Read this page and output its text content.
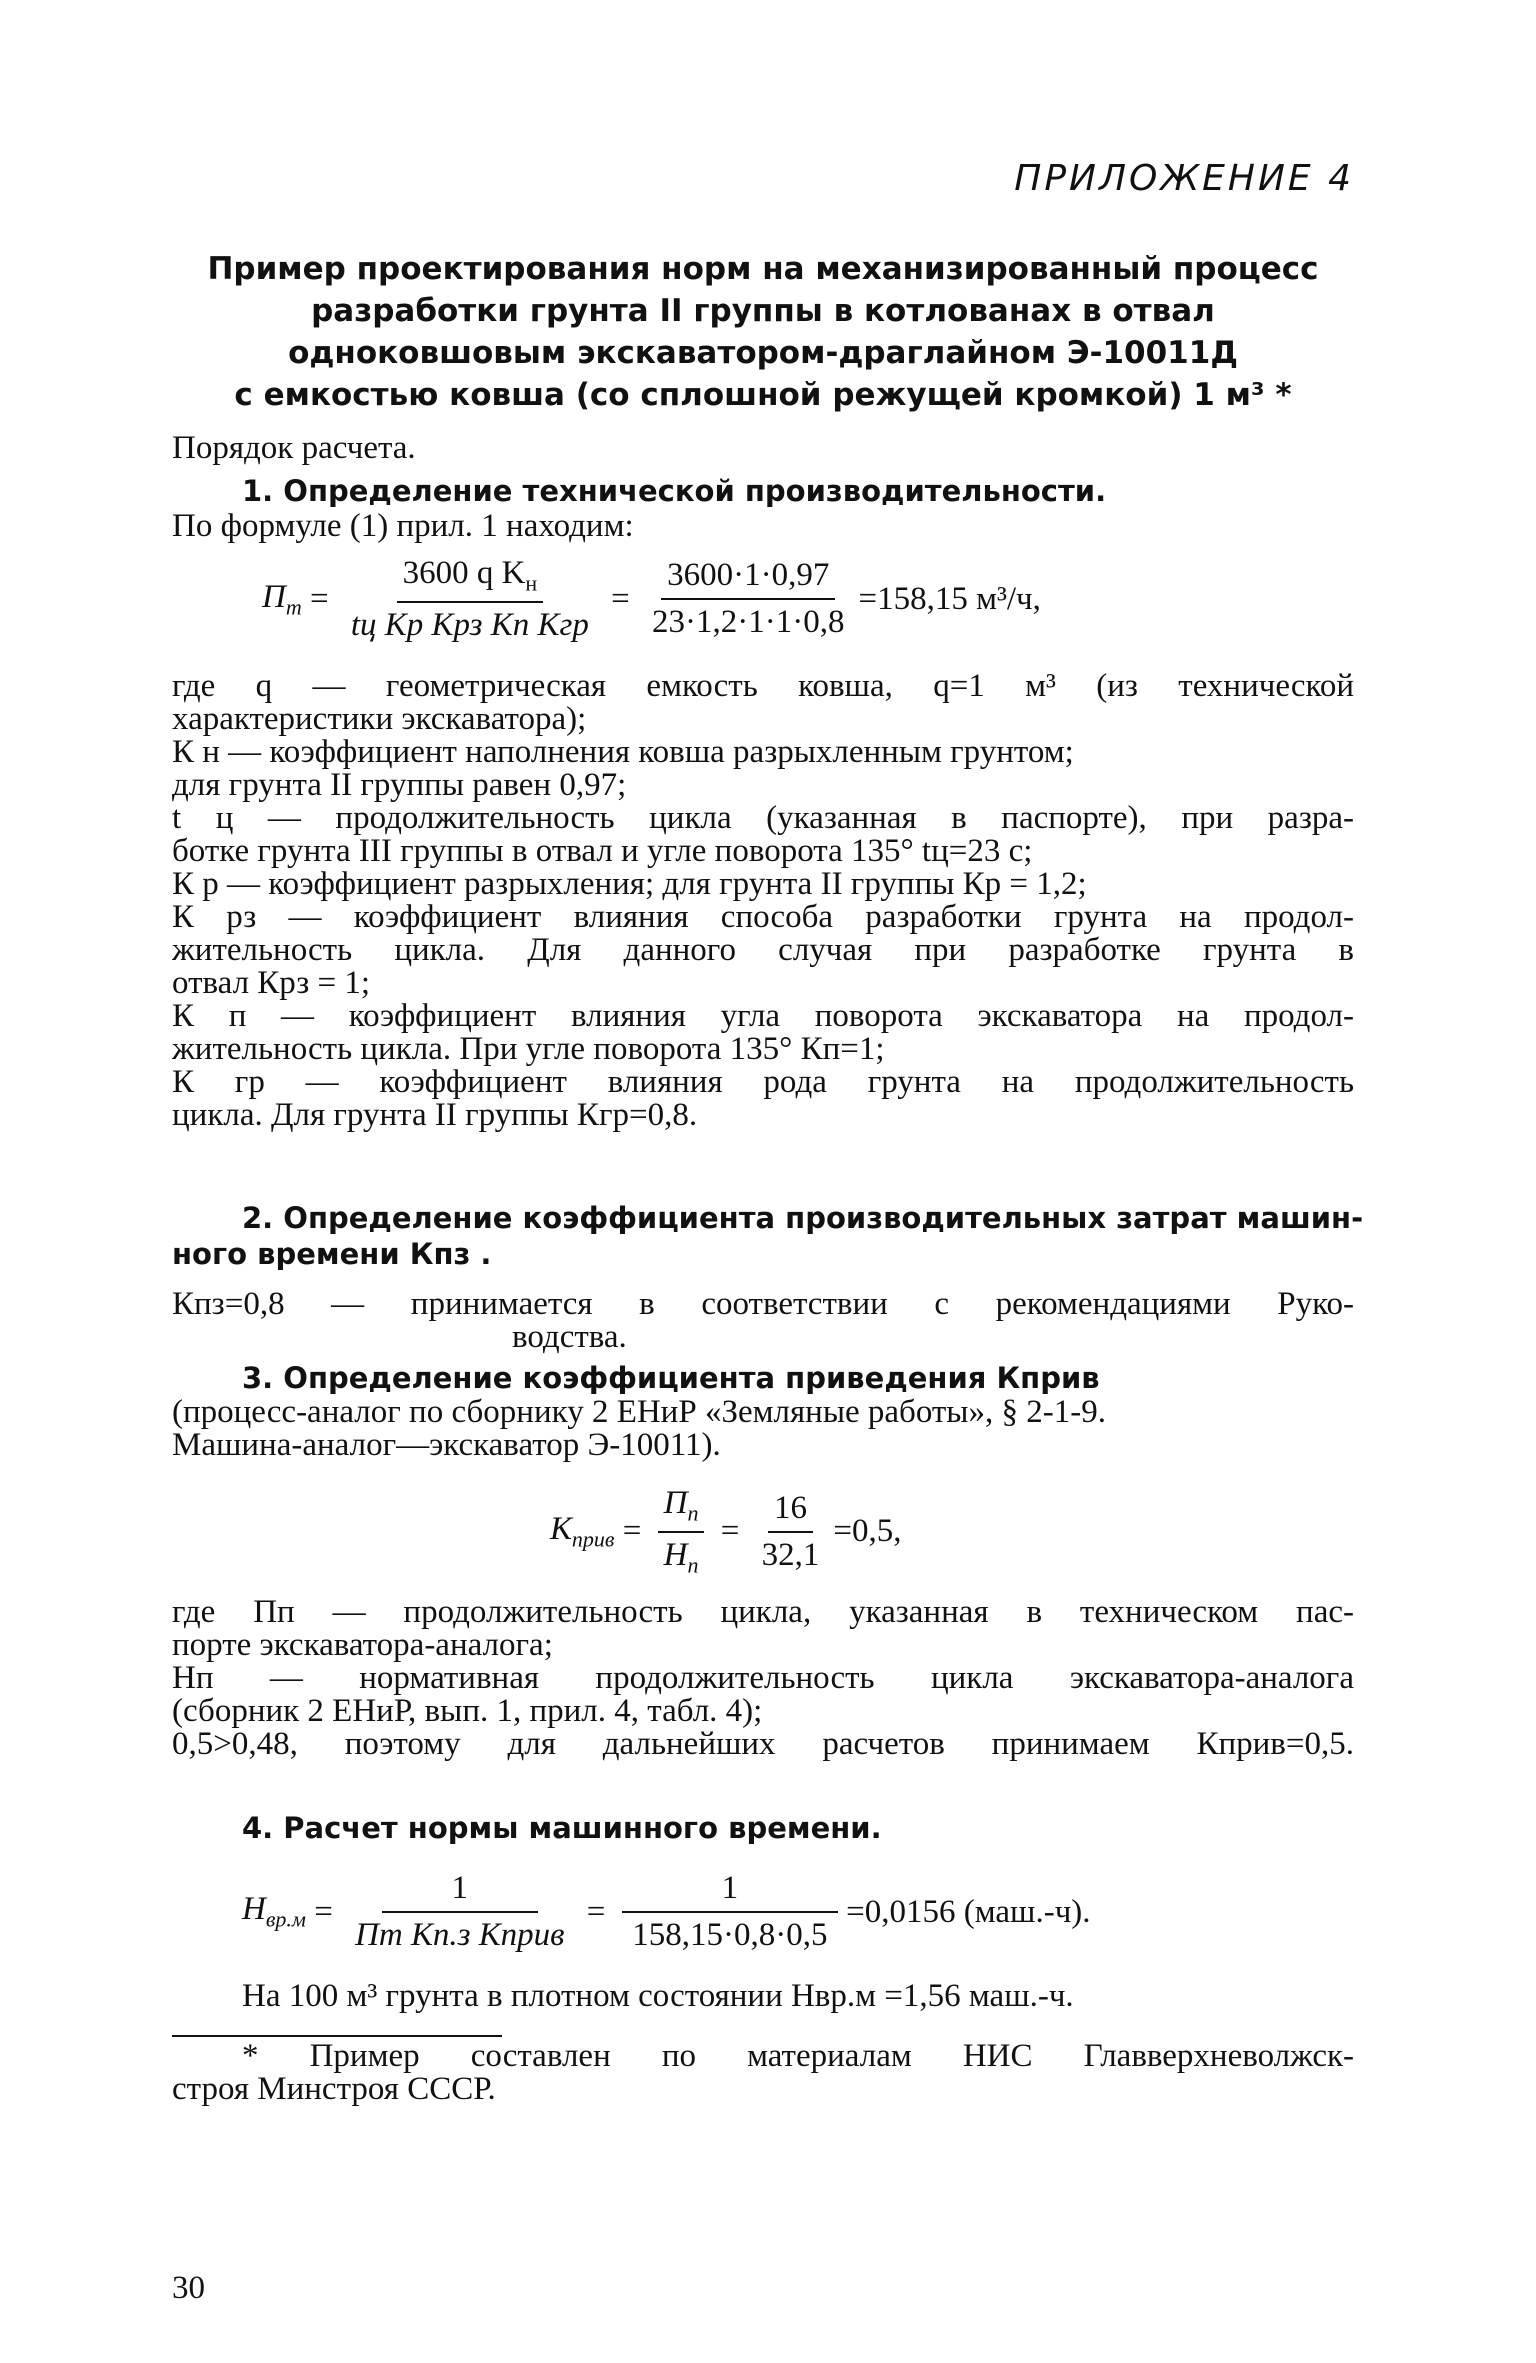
ПРИЛОЖЕНИЕ 4
Пример проектирования норм на механизированный процесс
разработки грунта II группы в котлованах в отвал
одноковшовым экскаватором-драглайном Э-10011Д
с емкостью ковша (со сплошной режущей кромкой) 1 м³ *
Порядок расчета.
1. Определение технической производительности.
По формуле (1) прил. 1 находим:
$П_т = \frac{3600 q K_н}{\text{tц Kр Kрз Kп Kгр}} = \frac{3600\cdot 1\cdot 0,97}{23\cdot 1,2\cdot 1\cdot 1\cdot 0,8} =158,15$ м³/ч,
где q — геометрическая емкость ковша, q=1 м³ (из технической
характеристики экскаватора);
К н — коэффициент наполнения ковша разрыхленным грунтом;
для грунта II группы равен 0,97;
t ц — продолжительность цикла (указанная в паспорте), при разра-
ботке грунта III группы в отвал и угле поворота 135° tц=23 с;
К р — коэффициент разрыхления; для грунта II группы Кр = 1,2;
К рз — коэффициент влияния способа разработки грунта на продол-
жительность цикла. Для данного случая при разработке грунта в
отвал Крз = 1;
К п — коэффициент влияния угла поворота экскаватора на продол-
жительность цикла. При угле поворота 135° Кп=1;
К гр — коэффициент влияния рода грунта на продолжительность
цикла. Для грунта II группы Кгр=0,8.
2. Определение коэффициента производительных затрат машин-
ного времени Кпз .
Кпз=0,8 — принимается в соответствии с рекомендациями Руко-
водства.
3. Определение коэффициента приведения Кприв
(процесс-аналог по сборнику 2 ЕНиР «Земляные работы», § 2-1-9.
Машина-аналог—экскаватор Э-10011).
$К_{прив} = \frac{П_п}{Н_п} = \frac{16}{32,1} =0,5$,
где Пп — продолжительность цикла, указанная в техническом пас-
порте экскаватора-аналога;
Нп — нормативная продолжительность цикла экскаватора-аналога
(сборник 2 ЕНиР, вып. 1, прил. 4, табл. 4);
0,5>0,48, поэтому для дальнейших расчетов принимаем Кприв=0,5.
4. Расчет нормы машинного времени.
$Н_{вр.м} = \frac{1}{\text{Пт Кп.з Кприв}} = \frac{1}{158,15\cdot 0,8\cdot 0,5} =0,0156$ (маш.-ч).
На 100 м³ грунта в плотном состоянии Нвр.м =1,56 маш.-ч.
* Пример составлен по материалам НИС Главверхневолжск-
строя Минстроя СССР.
30
